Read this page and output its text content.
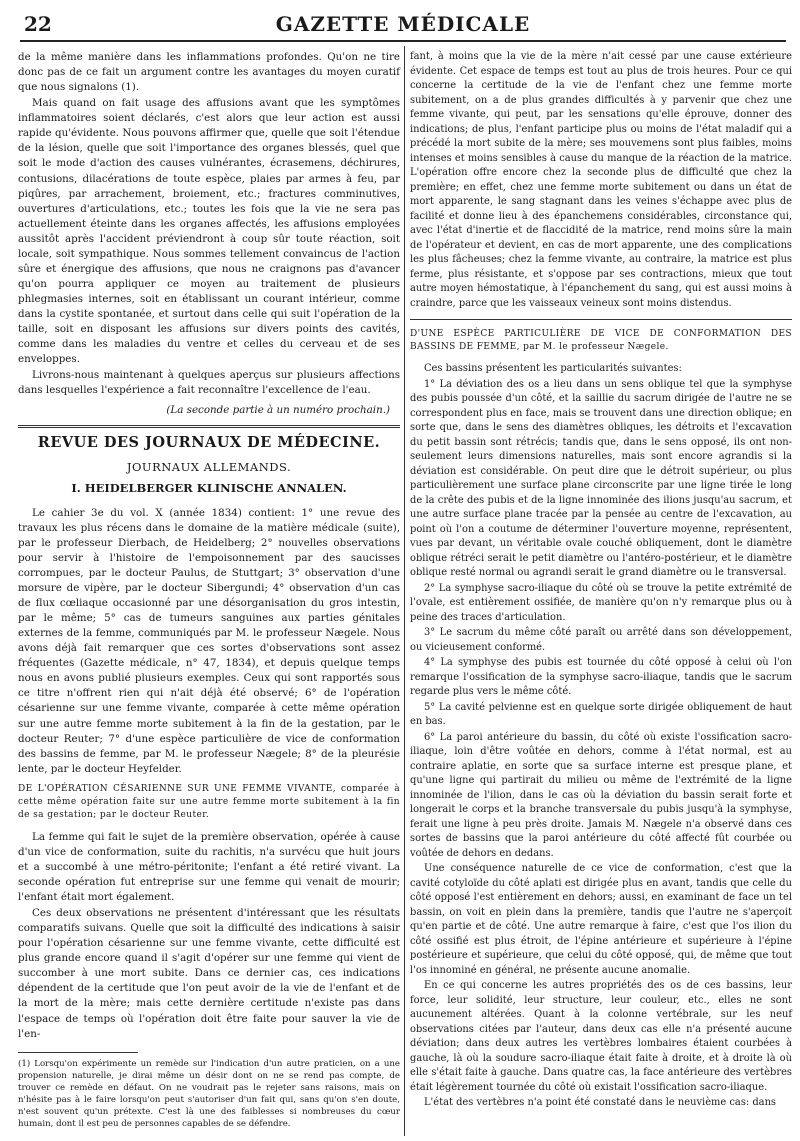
22	GAZETTE MÉDICALE

de la même manière dans les inflammations profondes. Qu'on ne tire donc pas de ce fait un argument contre les avantages du moyen curatif que nous signalons (1).

Mais quand on fait usage des affusions avant que les symptômes inflammatoires soient déclarés, c'est alors que leur action est aussi rapide qu'évidente. Nous pouvons affirmer que, quelle que soit l'étendue de la lésion, quelle que soit l'importance des organes blessés, quel que soit le mode d'action des causes vulnérantes, écrasemens, déchirures, contusions, dilacérations de toute espèce, plaies par armes à feu, par piqûres, par arrachement, broiement, etc.; fractures comminutives, ouvertures d'articulations, etc.; toutes les fois que la vie ne sera pas actuellement éteinte dans les organes affectés, les affusions employées aussitôt après l'accident préviendront à coup sûr toute réaction, soit locale, soit sympathique. Nous sommes tellement convaincus de l'action sûre et énergique des affusions, que nous ne craignons pas d'avancer qu'on pourra appliquer ce moyen au traitement de plusieurs phlegmasies internes, soit en établissant un courant intérieur, comme dans la cystite spontanée, et surtout dans celle qui suit l'opération de la taille, soit en disposant les affusions sur divers points des cavités, comme dans les maladies du ventre et celles du cerveau et de ses enveloppes.

Livrons-nous maintenant à quelques aperçus sur plusieurs affections dans lesquelles l'expérience a fait reconnaître l'excellence de l'eau.

(La seconde partie à un numéro prochain.)
REVUE DES JOURNAUX DE MÉDECINE.
JOURNAUX ALLEMANDS.
I. HEIDELBERGER KLINISCHE ANNALEN.

Le cahier 3e du vol. X (année 1834) contient: 1° une revue des travaux les plus récens dans le domaine de la matière médicale (suite), par le professeur Dierbach, de Heidelberg; 2° nouvelles observations pour servir à l'histoire de l'empoisonnement par des saucisses corrompues, par le docteur Paulus, de Stuttgart; 3° observation d'une morsure de vipère, par le docteur Sibergundi; 4° observation d'un cas de flux cœliaque occasionné par une désorganisation du gros intestin, par le même; 5° cas de tumeurs sanguines aux parties génitales externes de la femme, communiqués par M. le professeur Nægele. Nous avons déjà fait remarquer que ces sortes d'observations sont assez fréquentes (Gazette médicale, n° 47, 1834), et depuis quelque temps nous en avons publié plusieurs exemples. Ceux qui sont rapportés sous ce titre n'offrent rien qui n'ait déjà été observé; 6° de l'opération césarienne sur une femme vivante, comparée à cette même opération sur une autre femme morte subitement à la fin de la gestation, par le docteur Reuter; 7° d'une espèce particulière de vice de conformation des bassins de femme, par M. le professeur Nægele; 8° de la pleurésie lente, par le docteur Heyfelder.

DE L'OPÉRATION CÉSARIENNE SUR UNE FEMME VIVANTE, comparée à cette même opération faite sur une autre femme morte subitement à la fin de sa gestation; par le docteur Reuter.

La femme qui fait le sujet de la première observation, opérée à cause d'un vice de conformation, suite du rachitis, n'a survécu que huit jours et a succombé à une métro-péritonite; l'enfant a été retiré vivant. La seconde opération fut entreprise sur une femme qui venait de mourir; l'enfant était mort également.

Ces deux observations ne présentent d'intéressant que les résultats comparatifs suivans. Quelle que soit la difficulté des indications à saisir pour l'opération césarienne sur une femme vivante, cette difficulté est plus grande encore quand il s'agit d'opérer sur une femme qui vient de succomber à une mort subite. Dans ce dernier cas, ces indications dépendent de la certitude que l'on peut avoir de la vie de l'enfant et de la mort de la mère; mais cette dernière certitude n'existe pas dans l'espace de temps où l'opération doit être faite pour sauver la vie de l'en-

(1) Lorsqu'on expérimente un remède sur l'indication d'un autre praticien, on a une propension naturelle, je dirai même un désir dont on ne se rend pas compte, de trouver ce remède en défaut. On ne voudrait pas le rejeter sans raisons, mais on n'hésite pas à le faire lorsqu'on peut s'autoriser d'un fait qui, sans qu'on s'en doute, n'est souvent qu'un prétexte. C'est là une des faiblesses si nombreuses du cœur humain, dont il est peu de personnes capables de se défendre.

fant, à moins que la vie de la mère n'ait cessé par une cause extérieure évidente. Cet espace de temps est tout au plus de trois heures. Pour ce qui concerne la certitude de la vie de l'enfant chez une femme morte subitement, on a de plus grandes difficultés à y parvenir que chez une femme vivante, qui peut, par les sensations qu'elle éprouve, donner des indications; de plus, l'enfant participe plus ou moins de l'état maladif qui a précédé la mort subite de la mère; ses mouvemens sont plus faibles, moins intenses et moins sensibles à cause du manque de la réaction de la matrice. L'opération offre encore chez la seconde plus de difficulté que chez la première; en effet, chez une femme morte subitement ou dans un état de mort apparente, le sang stagnant dans les veines s'échappe avec plus de facilité et donne lieu à des épanchemens considérables, circonstance qui, avec l'état d'inertie et de flaccidité de la matrice, rend moins sûre la main de l'opérateur et devient, en cas de mort apparente, une des complications les plus fâcheuses; chez la femme vivante, au contraire, la matrice est plus ferme, plus résistante, et s'oppose par ses contractions, mieux que tout autre moyen hémostatique, à l'épanchement du sang, qui est aussi moins à craindre, parce que les vaisseaux veineux sont moins distendus.

D'UNE ESPÈCE PARTICULIÈRE DE VICE DE CONFORMATION DES BASSINS DE FEMME, par M. le professeur Nægele.

Ces bassins présentent les particularités suivantes:

1° La déviation des os a lieu dans un sens oblique tel que la symphyse des pubis poussée d'un côté, et la saillie du sacrum dirigée de l'autre ne se correspondent plus en face, mais se trouvent dans une direction oblique; en sorte que, dans le sens des diamètres obliques, les détroits et l'excavation du petit bassin sont rétrécis; tandis que, dans le sens opposé, ils ont non-seulement leurs dimensions naturelles, mais sont encore agrandis si la déviation est considérable. On peut dire que le détroit supérieur, ou plus particulièrement une surface plane circonscrite par une ligne tirée le long de la crête des pubis et de la ligne innominée des ilions jusqu'au sacrum, et une autre surface plane tracée par la pensée au centre de l'excavation, au point où l'on a coutume de déterminer l'ouverture moyenne, représentent, vues par devant, un véritable ovale couché obliquement, dont le diamètre oblique rétréci serait le petit diamètre ou l'antéro-postérieur, et le diamètre oblique resté normal ou agrandi serait le grand diamètre ou le transversal.

2° La symphyse sacro-iliaque du côté où se trouve la petite extrémité de l'ovale, est entièrement ossifiée, de manière qu'on n'y remarque plus ou à peine des traces d'articulation.

3° Le sacrum du même côté paraît ou arrêté dans son développement, ou vicieusement conformé.

4° La symphyse des pubis est tournée du côté opposé à celui où l'on remarque l'ossification de la symphyse sacro-iliaque, tandis que le sacrum regarde plus vers le même côté.

5° La cavité pelvienne est en quelque sorte dirigée obliquement de haut en bas.

6° La paroi antérieure du bassin, du côté où existe l'ossification sacro-iliaque, loin d'être voûtée en dehors, comme à l'état normal, est au contraire aplatie, en sorte que sa surface interne est presque plane, et qu'une ligne qui partirait du milieu ou même de l'extrémité de la ligne innominée de l'ilion, dans le cas où la déviation du bassin serait forte et longerait le corps et la branche transversale du pubis jusqu'à la symphyse, ferait une ligne à peu près droite. Jamais M. Nægele n'a observé dans ces sortes de bassins que la paroi antérieure du côté affecté fût courbée ou voûtée de dehors en dedans.

Une conséquence naturelle de ce vice de conformation, c'est que la cavité cotyloïde du côté aplati est dirigée plus en avant, tandis que celle du côté opposé l'est entièrement en dehors; aussi, en examinant de face un tel bassin, on voit en plein dans la première, tandis que l'autre ne s'aperçoit qu'en partie et de côté. Une autre remarque à faire, c'est que l'os ilion du côté ossifié est plus étroit, de l'épine antérieure et supérieure à l'épine postérieure et supérieure, que celui du côté opposé, qui, de même que tout l'os innominé en général, ne présente aucune anomalie.

En ce qui concerne les autres propriétés des os de ces bassins, leur force, leur solidité, leur structure, leur couleur, etc., elles ne sont aucunement altérées. Quant à la colonne vertébrale, sur les neuf observations citées par l'auteur, dans deux cas elle n'a présenté aucune déviation; dans deux autres les vertèbres lombaires étaient courbées à gauche, là où la soudure sacro-iliaque était faite à droite, et à droite là où elle s'était faite à gauche. Dans quatre cas, la face antérieure des vertèbres était légèrement tournée du côté où existait l'ossification sacro-iliaque.

L'état des vertèbres n'a point été constaté dans le neuvième cas: dans
